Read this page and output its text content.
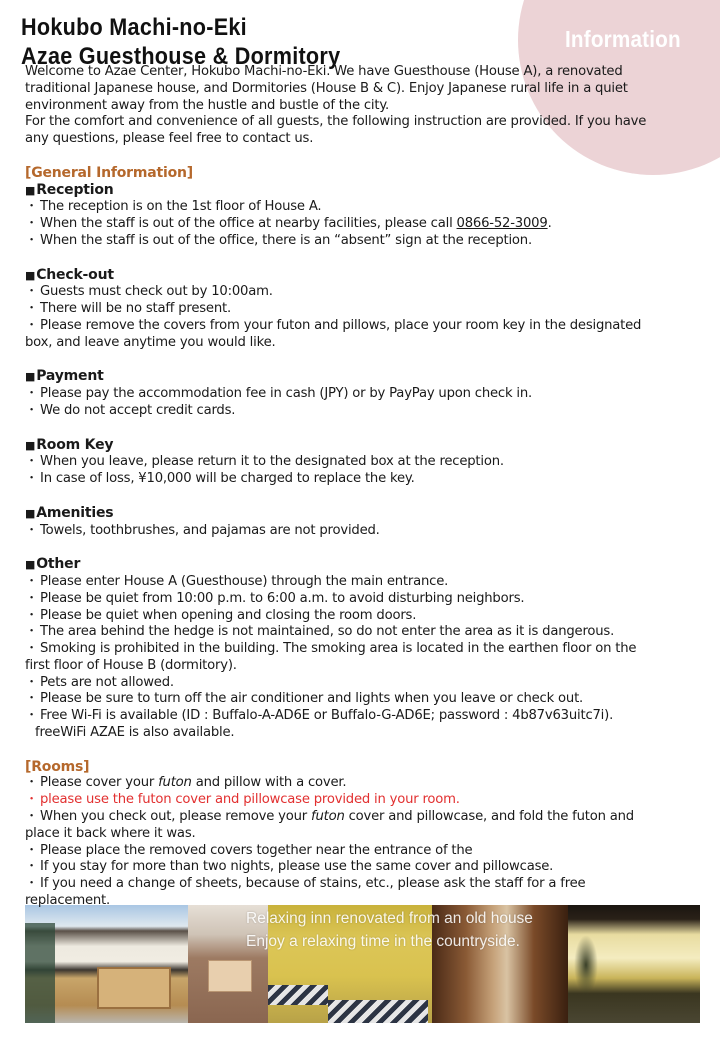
Information
Hokubo Machi-no-Eki
Azae Guesthouse & Dormitory

Welcome to Azae Center, Hokubo Machi-no-Eki. We have Guesthouse (House A), a renovated

traditional Japanese house, and Dormitories (House B & C). Enjoy Japanese rural life in a quiet

environment away from the hustle and bustle of the city.

For the comfort and convenience of all guests, the following instruction are provided. If you have

any questions, please feel free to contact us.

[General Information]
■Reception

・ The reception is on the 1st floor of House A.

・ When the staff is out of the office at nearby facilities, please call 0866-52-3009.

・ When the staff is out of the office, there is an “absent” sign at the reception.

■Check-out

・ Guests must check out by 10:00am.

・ There will be no staff present.

・ Please remove the covers from your futon and pillows, place your room key in the designated

box, and leave anytime you would like.

■Payment

・ Please pay the accommodation fee in cash (JPY) or by PayPay upon check in.

・ We do not accept credit cards.

■Room Key

・ When you leave, please return it to the designated box at the reception.

・ In case of loss, ¥10,000 will be charged to replace the key.

■Amenities

・ Towels, toothbrushes, and pajamas are not provided.

■Other

・ Please enter House A (Guesthouse) through the main entrance.

・ Please be quiet from 10:00 p.m. to 6:00 a.m. to avoid disturbing neighbors.

・ Please be quiet when opening and closing the room doors.

・ The area behind the hedge is not maintained, so do not enter the area as it is dangerous.

・ Smoking is prohibited in the building. The smoking area is located in the earthen floor on the

first floor of House B (dormitory).

・ Pets are not allowed.

・ Please be sure to turn off the air conditioner and lights when you leave or check out.

・ Free Wi-Fi is available (ID : Buffalo-A-AD6E or Buffalo-G-AD6E; password : 4b87v63uitc7i).

freeWiFi AZAE is also available.

[Rooms]

・ Please cover your futon and pillow with a cover.

・ please use the futon cover and pillowcase provided in your room.

・ When you check out, please remove your futon cover and pillowcase, and fold the futon and

place it back where it was.

・ Please place the removed covers together near the entrance of the

・ If you stay for more than two nights, please use the same cover and pillowcase.

・ If you need a change of sheets, because of stains, etc., please ask the staff for a free

replacement.

Relaxing inn renovated from an old house
Enjoy a relaxing time in the countryside.
